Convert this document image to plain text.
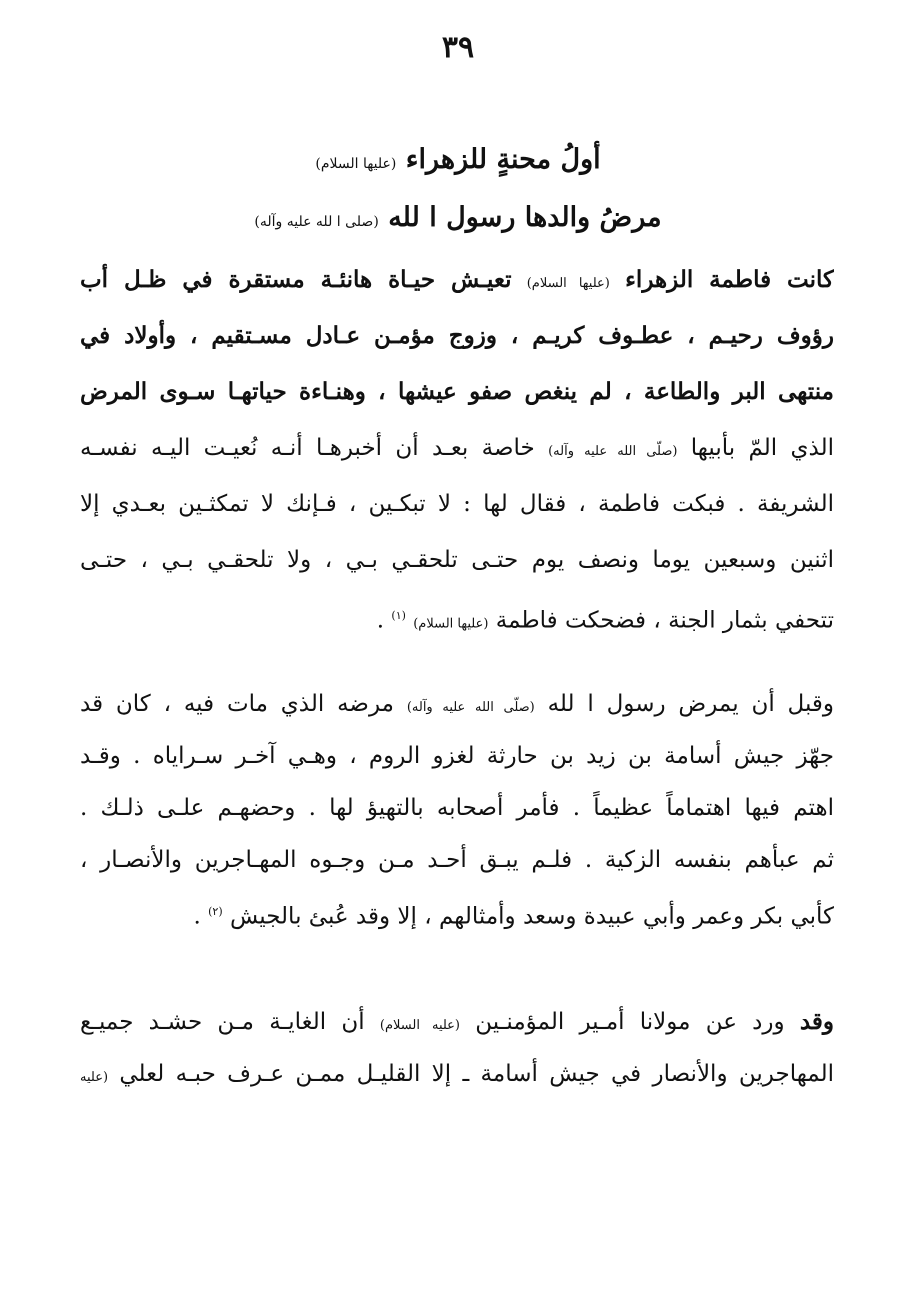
٣٩
أولُ محنةٍ للزهراء (عليها السلام)
مرضُ والدها رسول ا لله (صلى ا لله عليه وآله)
كانت فاطمة الزهراء (عليها السلام) تعيـش حيـاة هانئـة مستقرة في ظـل أب
رؤوف رحيـم ، عطـوف كريـم ، وزوج مؤمـن عـادل مسـتقيم ، وأولاد في
منتهى البر والطاعة ، لم ينغص صفو عيشها ، وهنـاءة حياتهـا سـوى المرض
الذي المّ بأبيها (صلّى الله عليه وآله) خاصة بعـد أن أخبرهـا أنـه نُعيـت اليـه نفسـه
الشريفة . فبكت فاطمة ، فقال لها : لا تبكـين ، فـإنك لا تمكثـين بعـدي إلا
اثنين وسبعين يوما ونصف يوم حتـى تلحقـي بـي ، ولا تلحقـي بـي ، حتـى
تتحفي بثمار الجنة ، فضحكت فاطمة (عليها السلام) $^{(١)}$ .
وقبل أن يمرض رسول ا لله (صلّى الله عليه وآله) مرضه الذي مات فيه ، كان قد
جهّز جيش أسامة بن زيد بن حارثة لغزو الروم ، وهـي آخـر سـراياه . وقـد
اهتم فيها اهتماماً عظيماً . فأمر أصحابه بالتهيؤ لها . وحضهـم علـى ذلـك .
ثم عبأهم بنفسه الزكية . فلـم يبـق أحـد مـن وجـوه المهـاجرين والأنصـار ،
كأبي بكر وعمر وأبي عبيدة وسعد وأمثالهم ، إلا وقد عُبئ بالجيش $^{(٢)}$ .
وقد ورد عن مولانا أمـير المؤمنـين (عليه السلام) أن الغايـة مـن حشـد جميـع
المهاجرين والأنصار في جيش أسامة ـ إلا القليـل ممـن عـرف حبـه لعلي (عليه
